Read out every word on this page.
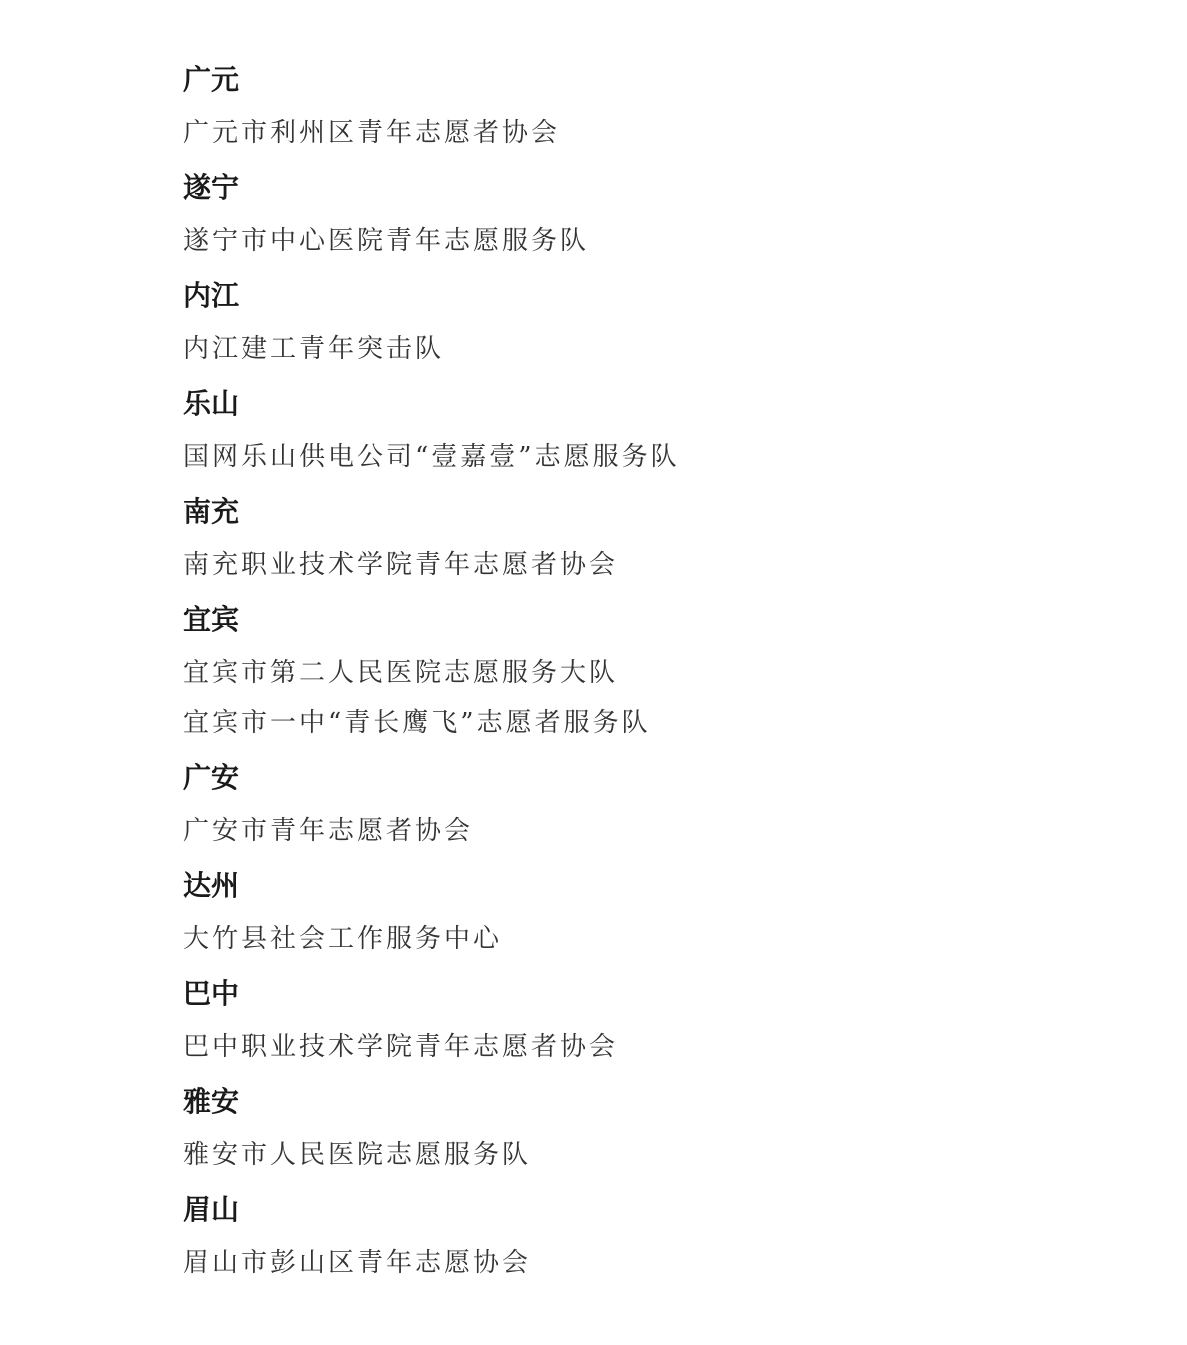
广元
广元市利州区青年志愿者协会
遂宁
遂宁市中心医院青年志愿服务队
内江
内江建工青年突击队
乐山
国网乐山供电公司“壹嘉壹”志愿服务队
南充
南充职业技术学院青年志愿者协会
宜宾
宜宾市第二人民医院志愿服务大队
宜宾市一中“青长鹰飞”志愿者服务队
广安
广安市青年志愿者协会
达州
大竹县社会工作服务中心
巴中
巴中职业技术学院青年志愿者协会
雅安
雅安市人民医院志愿服务队
眉山
眉山市彭山区青年志愿协会
